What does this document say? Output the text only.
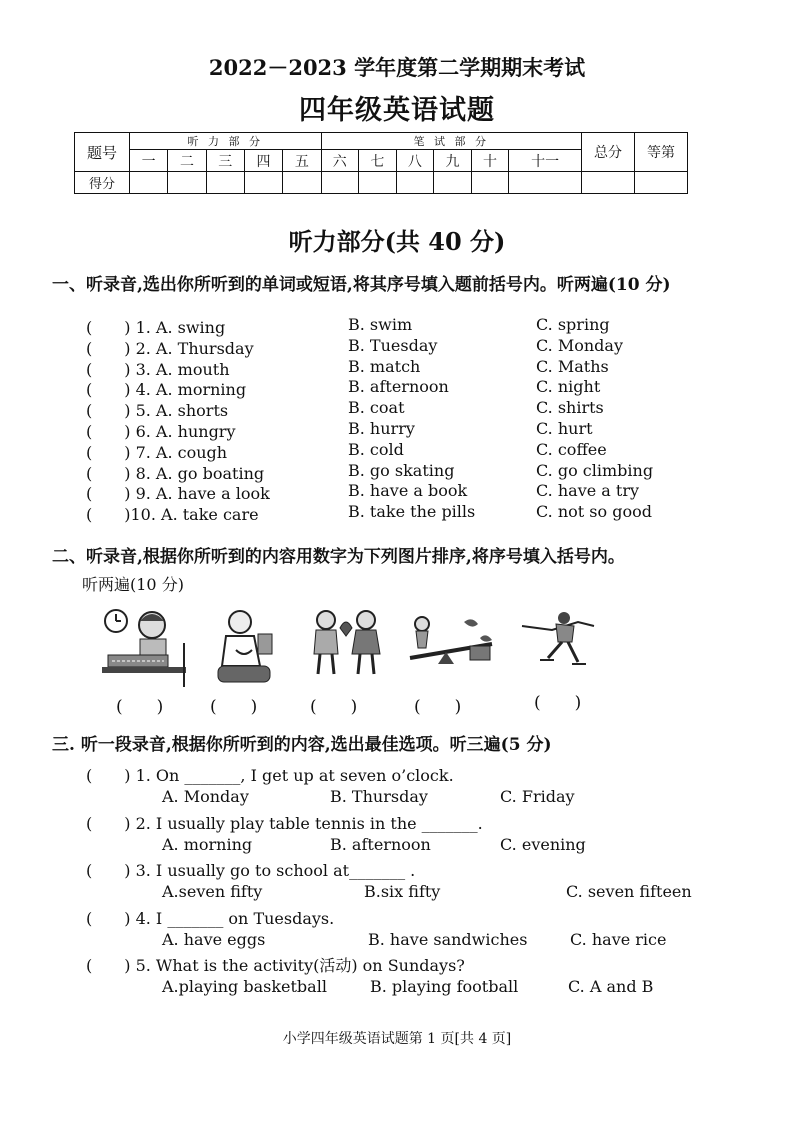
2022－2023 学年度第二学期期末考试
四年级英语试题
题号	听 力 部 分					笔 试 部 分						总分	等第
	一	二	三	四	五	六	七	八	九	十	十一		
得分													
听力部分(共 40 分)
一、听录音,选出你所听到的单词或短语,将其序号填入题前括号内。听两遍(10 分)
(　　) 1. A. swing	B. swim	C. spring
(　　) 2. A. Thursday	B. Tuesday	C. Monday
(　　) 3. A. mouth	B. match	C. Maths
(　　) 4. A. morning	B. afternoon	C. night
(　　) 5. A. shorts	B. coat	C. shirts
(　　) 6. A. hungry	B. hurry	C. hurt
(　　) 7. A. cough	B. cold	C. coffee
(　　) 8. A. go boating	B. go skating	C. go climbing
(　　) 9. A. have a look	B. have a book	C. have a try
(　　)10. A. take care	B. take the pills	C. not so good
二、听录音,根据你所听到的内容用数字为下列图片排序,将序号填入括号内。
听两遍(10 分)
(　　)	(　　)	(　　)	(　　)	(　　)
三. 听一段录音,根据你所听到的内容,选出最佳选项。听三遍(5 分)
(　　) 1. On _______, I get up at seven o’clock.
A. Monday	B. Thursday	C. Friday
(　　) 2. I usually play table tennis in the _______.
A. morning	B. afternoon	C. evening
(　　) 3. I usually go to school at_______ .
A.seven fifty	B.six fifty	C. seven fifteen
(　　) 4. I _______ on Tuesdays.
A. have eggs	B. have sandwiches	C. have rice
(　　) 5. What is the activity(活动) on Sundays?
A.playing basketball	B. playing football	C. A and B
小学四年级英语试题第 1 页[共 4 页]
